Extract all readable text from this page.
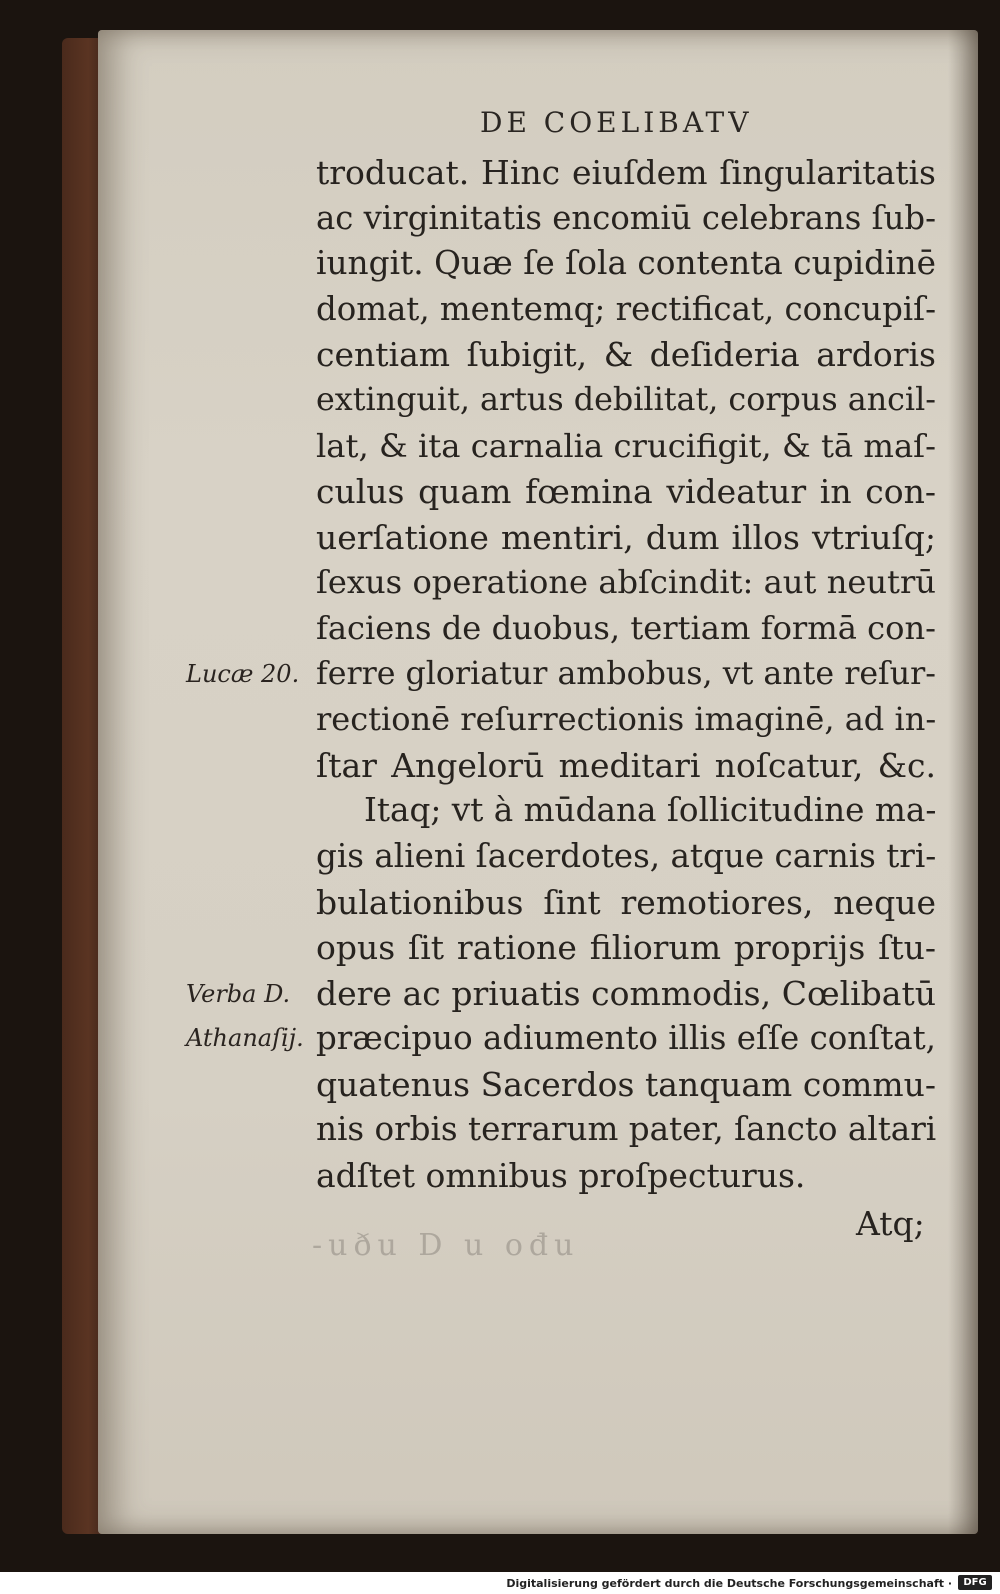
DE COELIBATV
troducat. Hinc eiuſdem ſingularitatis
ac virginitatis encomiū celebrans ſub-
iungit. Quæ ſe ſola contenta cupidinē
domat, mentemq; rectificat, concupiſ-
centiam ſubigit, & deſideria ardoris
extinguit, artus debilitat, corpus ancil-
lat, & ita carnalia crucifigit, & tā maſ-
culus quam fœmina videatur in con-
uerſatione mentiri, dum illos vtriuſq;
ſexus operatione abſcindit: aut neutrū
faciens de duobus, tertiam formā con-
ferre gloriatur ambobus, vt ante reſur-
rectionē reſurrectionis imaginē, ad in-
ſtar Angelorū meditari noſcatur, &c.
Itaq; vt à mūdana ſollicitudine ma-
gis alieni ſacerdotes, atque carnis tri-
bulationibus ſint remotiores, neque
opus ſit ratione filiorum proprijs ſtu-
dere ac priuatis commodis, Cœlibatū
præcipuo adiumento illis eſſe conſtat,
quatenus Sacerdos tanquam commu-
nis orbis terrarum pater, ſancto altari
adſtet omnibus proſpecturus.
Lucæ 20.
Verba D.
Athanaſij.
-uðu D u ođu
Atq;
Digitalisierung gefördert durch die Deutsche Forschungsgemeinschaft ·	DFG
